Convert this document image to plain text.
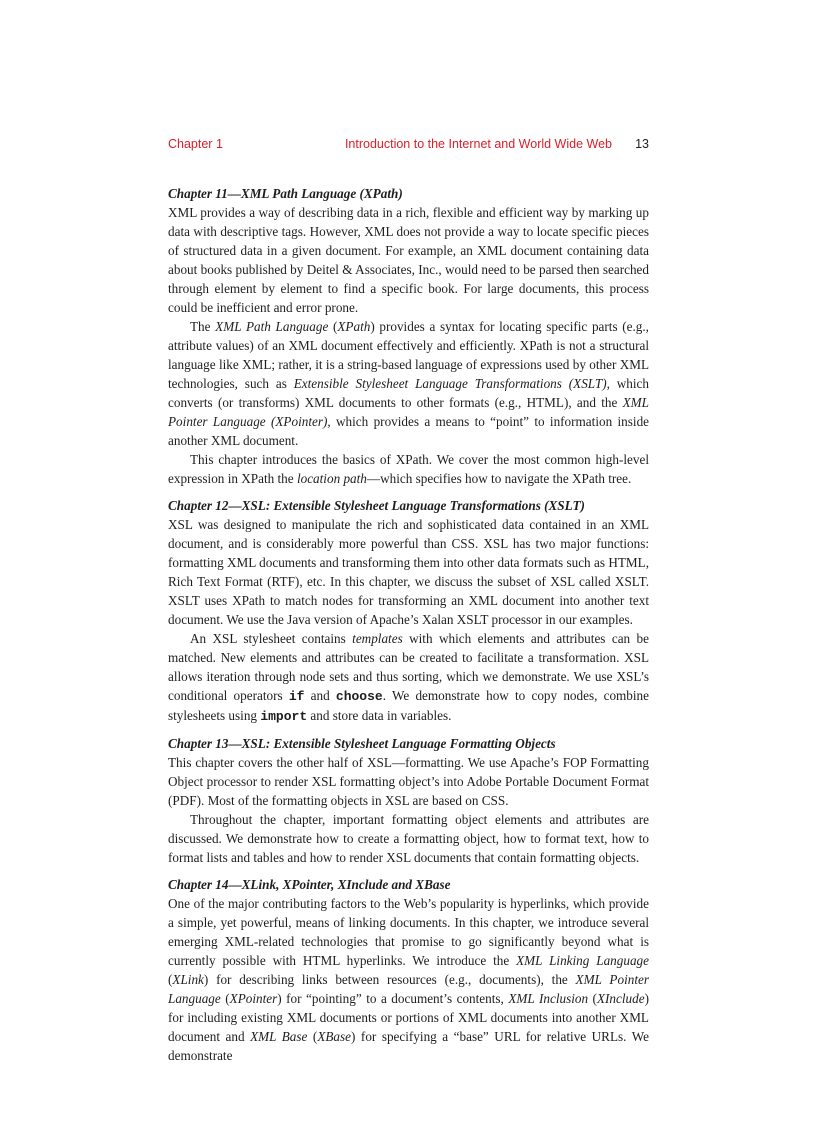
Chapter 1	Introduction to the Internet and World Wide Web 13
Chapter 11—XML Path Language (XPath)

XML provides a way of describing data in a rich, flexible and efficient way by marking up data with descriptive tags. However, XML does not provide a way to locate specific pieces of structured data in a given document. For example, an XML document containing data about books published by Deitel & Associates, Inc., would need to be parsed then searched through element by element to find a specific book. For large documents, this process could be inefficient and error prone.

The XML Path Language (XPath) provides a syntax for locating specific parts (e.g., attribute values) of an XML document effectively and efficiently. XPath is not a structural language like XML; rather, it is a string-based language of expressions used by other XML technologies, such as Extensible Stylesheet Language Transformations (XSLT), which converts (or transforms) XML documents to other formats (e.g., HTML), and the XML Pointer Language (XPointer), which provides a means to “point” to information inside another XML document.

This chapter introduces the basics of XPath. We cover the most common high-level expression in XPath the location path—which specifies how to navigate the XPath tree.

Chapter 12—XSL: Extensible Stylesheet Language Transformations (XSLT)

XSL was designed to manipulate the rich and sophisticated data contained in an XML document, and is considerably more powerful than CSS. XSL has two major functions: formatting XML documents and transforming them into other data formats such as HTML, Rich Text Format (RTF), etc. In this chapter, we discuss the subset of XSL called XSLT. XSLT uses XPath to match nodes for transforming an XML document into another text document. We use the Java version of Apache’s Xalan XSLT processor in our examples.

An XSL stylesheet contains templates with which elements and attributes can be matched. New elements and attributes can be created to facilitate a transformation. XSL allows iteration through node sets and thus sorting, which we demonstrate. We use XSL’s conditional operators if and choose. We demonstrate how to copy nodes, combine stylesheets using import and store data in variables.

Chapter 13—XSL: Extensible Stylesheet Language Formatting Objects

This chapter covers the other half of XSL—formatting. We use Apache’s FOP Formatting Object processor to render XSL formatting object’s into Adobe Portable Document Format (PDF). Most of the formatting objects in XSL are based on CSS.

Throughout the chapter, important formatting object elements and attributes are discussed. We demonstrate how to create a formatting object, how to format text, how to format lists and tables and how to render XSL documents that contain formatting objects.

Chapter 14—XLink, XPointer, XInclude and XBase

One of the major contributing factors to the Web’s popularity is hyperlinks, which provide a simple, yet powerful, means of linking documents. In this chapter, we introduce several emerging XML-related technologies that promise to go significantly beyond what is currently possible with HTML hyperlinks. We introduce the XML Linking Language (XLink) for describing links between resources (e.g., documents), the XML Pointer Language (XPointer) for “pointing” to a document’s contents, XML Inclusion (XInclude) for including existing XML documents or portions of XML documents into another XML document and XML Base (XBase) for specifying a “base” URL for relative URLs. We demonstrate
